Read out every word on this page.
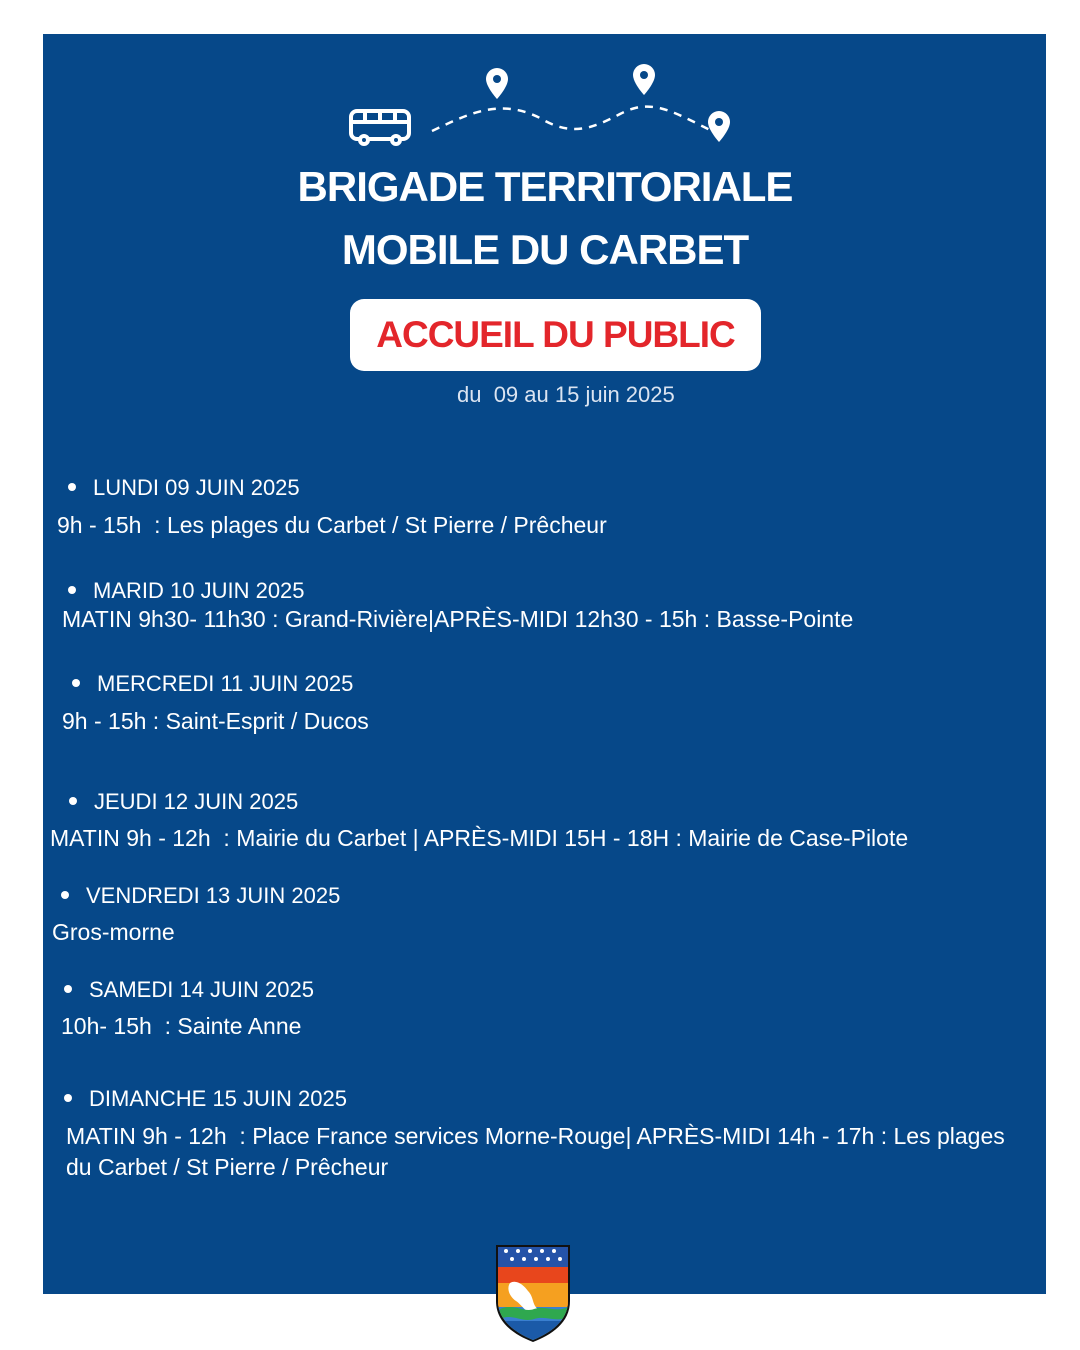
BRIGADE TERRITORIALE
MOBILE DU CARBET
ACCUEIL DU PUBLIC
du  09 au 15 juin 2025
LUNDI 09 JUIN 2025
9h - 15h  : Les plages du Carbet / St Pierre / Prêcheur
MARID 10 JUIN 2025
MATIN 9h30- 11h30 : Grand-Rivière|APRÈS-MIDI 12h30 - 15h : Basse-Pointe
MERCREDI 11 JUIN 2025
9h - 15h : Saint-Esprit / Ducos
JEUDI 12 JUIN 2025
MATIN 9h - 12h  : Mairie du Carbet | APRÈS-MIDI 15H - 18H : Mairie de Case-Pilote
VENDREDI 13 JUIN 2025
Gros-morne
SAMEDI 14 JUIN 2025
10h- 15h  : Sainte Anne
DIMANCHE 15 JUIN 2025
MATIN 9h - 12h  : Place France services Morne-Rouge| APRÈS-MIDI 14h - 17h : Les plages du Carbet / St Pierre / Prêcheur
